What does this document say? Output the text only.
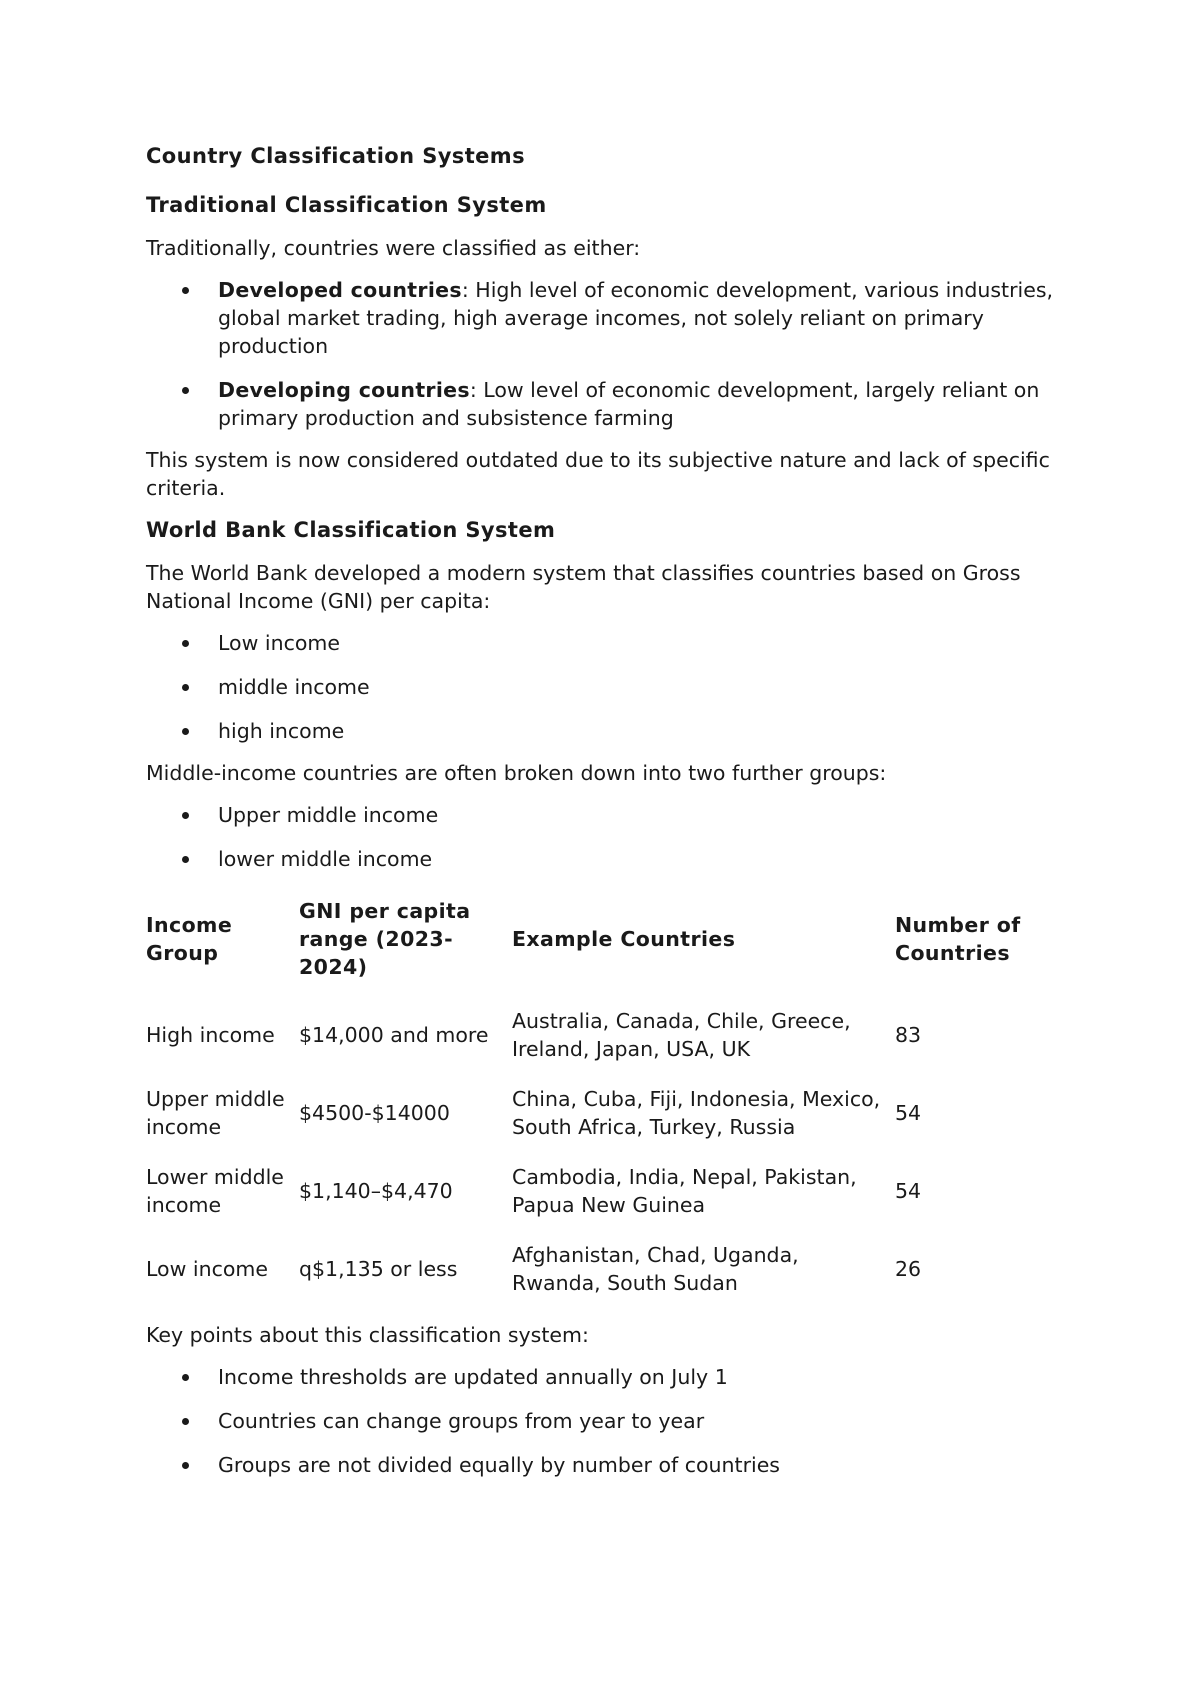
Country Classification Systems
Traditional Classification System

Traditionally, countries were classified as either:

Developed countries: High level of economic development, various industries, global market trading, high average incomes, not solely reliant on primary production
Developing countries: Low level of economic development, largely reliant on primary production and subsistence farming

This system is now considered outdated due to its subjective nature and lack of specific criteria.

World Bank Classification System

The World Bank developed a modern system that classifies countries based on Gross National Income (GNI) per capita:

Low income
middle income
high income

Middle-income countries are often broken down into two further groups:

Upper middle income
lower middle income
Income Group	GNI per capita range (2023-2024)	Example Countries	Number of Countries
High income	$14,000 and more	Australia, Canada, Chile, Greece, Ireland, Japan, USA, UK	83
Upper middle income	$4500-$14000	China, Cuba, Fiji, Indonesia, Mexico, South Africa, Turkey, Russia	54
Lower middle income	$1,140–$4,470	Cambodia, India, Nepal, Pakistan, Papua New Guinea	54
Low income	q$1,135 or less	Afghanistan, Chad, Uganda, Rwanda, South Sudan	26

Key points about this classification system:

Income thresholds are updated annually on July 1
Countries can change groups from year to year
Groups are not divided equally by number of countries
